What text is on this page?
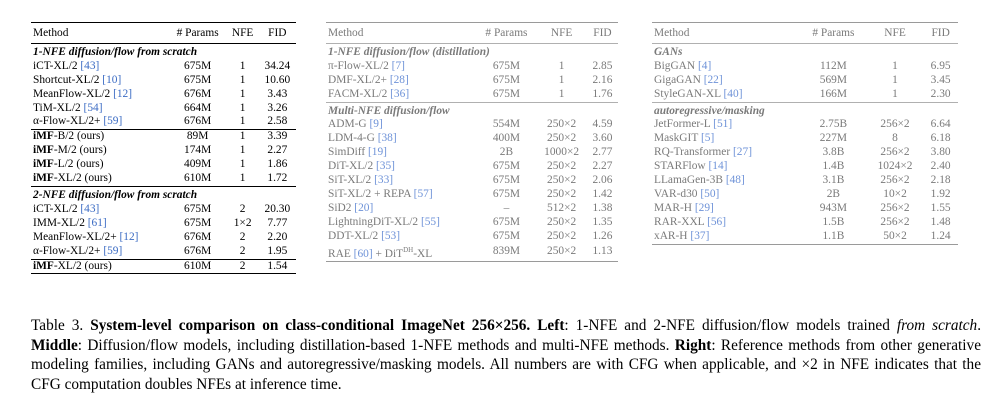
Method	# Params	NFE	FID
1-NFE diffusion/flow from scratch			
iCT-XL/2 [43]	675M	1	34.24
Shortcut-XL/2 [10]	675M	1	10.60
MeanFlow-XL/2 [12]	676M	1	3.43
TiM-XL/2 [54]	664M	1	3.26
α-Flow-XL/2+ [59]	676M	1	2.58
iMF-B/2 (ours)	89M	1	3.39
iMF-M/2 (ours)	174M	1	2.27
iMF-L/2 (ours)	409M	1	1.86
iMF-XL/2 (ours)	610M	1	1.72
2-NFE diffusion/flow from scratch			
iCT-XL/2 [43]	675M	2	20.30
IMM-XL/2 [61]	675M	1×2	7.77
MeanFlow-XL/2+ [12]	676M	2	2.20
α-Flow-XL/2+ [59]	676M	2	1.95
iMF-XL/2 (ours)	610M	2	1.54
Method	# Params	NFE	FID
1-NFE diffusion/flow (distillation)			
π-Flow-XL/2 [7]	675M	1	2.85
DMF-XL/2+ [28]	675M	1	2.16
FACM-XL/2 [36]	675M	1	1.76
Multi-NFE diffusion/flow			
ADM-G [9]	554M	250×2	4.59
LDM-4-G [38]	400M	250×2	3.60
SimDiff [19]	2B	1000×2	2.77
DiT-XL/2 [35]	675M	250×2	2.27
SiT-XL/2 [33]	675M	250×2	2.06
SiT-XL/2 + REPA [57]	675M	250×2	1.42
SiD2 [20]	–	512×2	1.38
LightningDiT-XL/2 [55]	675M	250×2	1.35
DDT-XL/2 [53]	675M	250×2	1.26
RAE [60] + DiT$^{DH}$-XL	839M	250×2	1.13
Method	# Params	NFE	FID
GANs			
BigGAN [4]	112M	1	6.95
GigaGAN [22]	569M	1	3.45
StyleGAN-XL [40]	166M	1	2.30
autoregressive/masking			
JetFormer-L [51]	2.75B	256×2	6.64
MaskGIT [5]	227M	8	6.18
RQ-Transformer [27]	3.8B	256×2	3.80
STARFlow [14]	1.4B	1024×2	2.40
LLamaGen-3B [48]	3.1B	256×2	2.18
VAR-d30 [50]	2B	10×2	1.92
MAR-H [29]	943M	256×2	1.55
RAR-XXL [56]	1.5B	256×2	1.48
xAR-H [37]	1.1B	50×2	1.24
Table 3. System-level comparison on class-conditional ImageNet 256×256. Left: 1-NFE and 2-NFE diffusion/flow models trained from scratch. Middle: Diffusion/flow models, including distillation-based 1-NFE methods and multi-NFE methods. Right: Reference methods from other generative modeling families, including GANs and autoregressive/masking models. All numbers are with CFG when applicable, and ×2 in NFE indicates that the CFG computation doubles NFEs at inference time.
